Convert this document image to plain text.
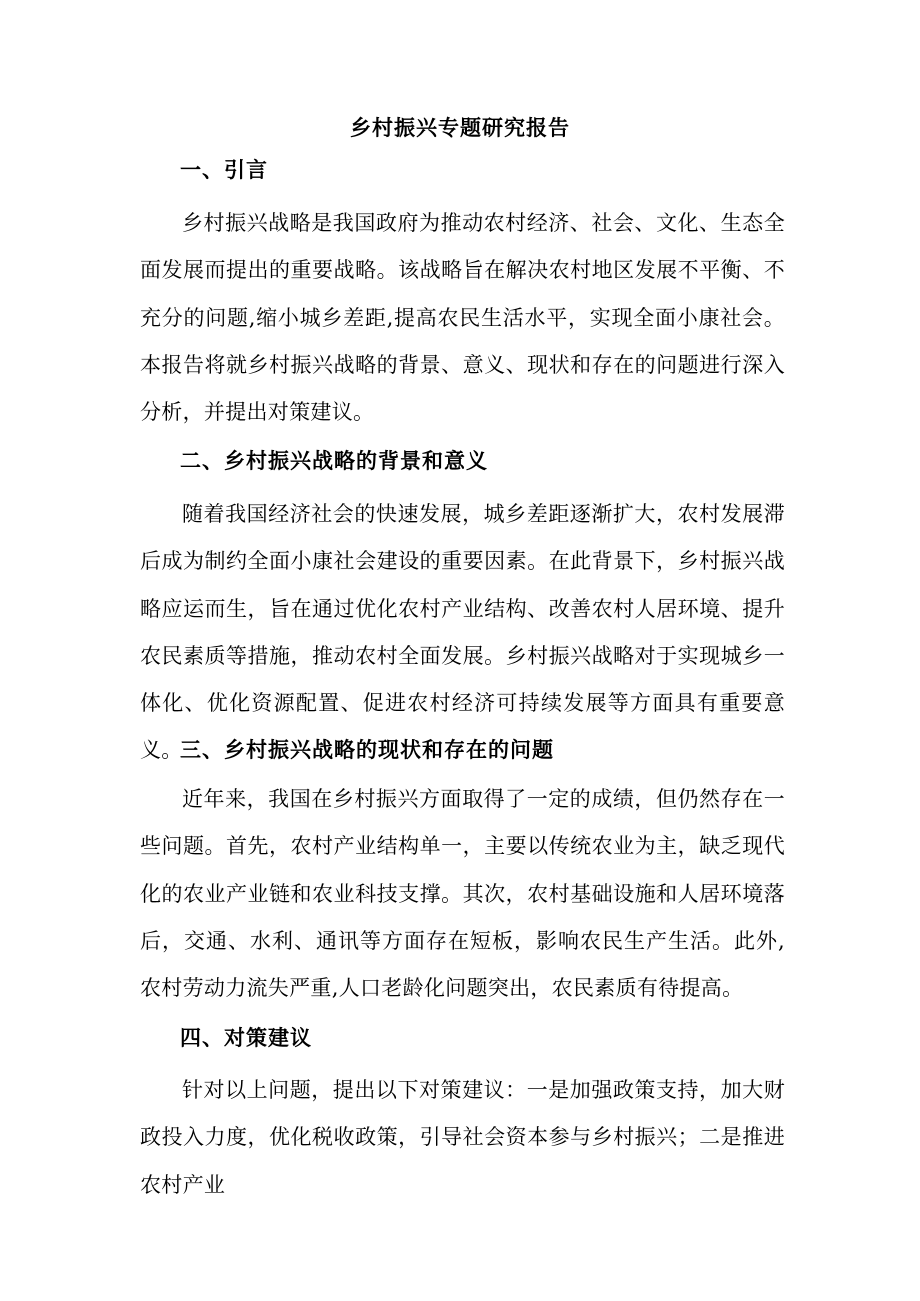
乡村振兴专题研究报告
一、引言

乡村振兴战略是我国政府为推动农村经济、社会、文化、生态全面发展而提出的重要战略。该战略旨在解决农村地区发展不平衡、不充分的问题,缩小城乡差距,提高农民生活水平，实现全面小康社会。本报告将就乡村振兴战略的背景、意义、现状和存在的问题进行深入分析，并提出对策建议。

二、乡村振兴战略的背景和意义

随着我国经济社会的快速发展，城乡差距逐渐扩大，农村发展滞后成为制约全面小康社会建设的重要因素。在此背景下，乡村振兴战略应运而生，旨在通过优化农村产业结构、改善农村人居环境、提升农民素质等措施，推动农村全面发展。乡村振兴战略对于实现城乡一体化、优化资源配置、促进农村经济可持续发展等方面具有重要意义。

三、乡村振兴战略的现状和存在的问题

近年来，我国在乡村振兴方面取得了一定的成绩，但仍然存在一些问题。首先，农村产业结构单一，主要以传统农业为主，缺乏现代化的农业产业链和农业科技支撑。其次，农村基础设施和人居环境落后，交通、水利、通讯等方面存在短板，影响农民生产生活。此外,农村劳动力流失严重,人口老龄化问题突出，农民素质有待提高。

四、对策建议

针对以上问题，提出以下对策建议：一是加强政策支持，加大财政投入力度，优化税收政策，引导社会资本参与乡村振兴；二是推进农村产业
